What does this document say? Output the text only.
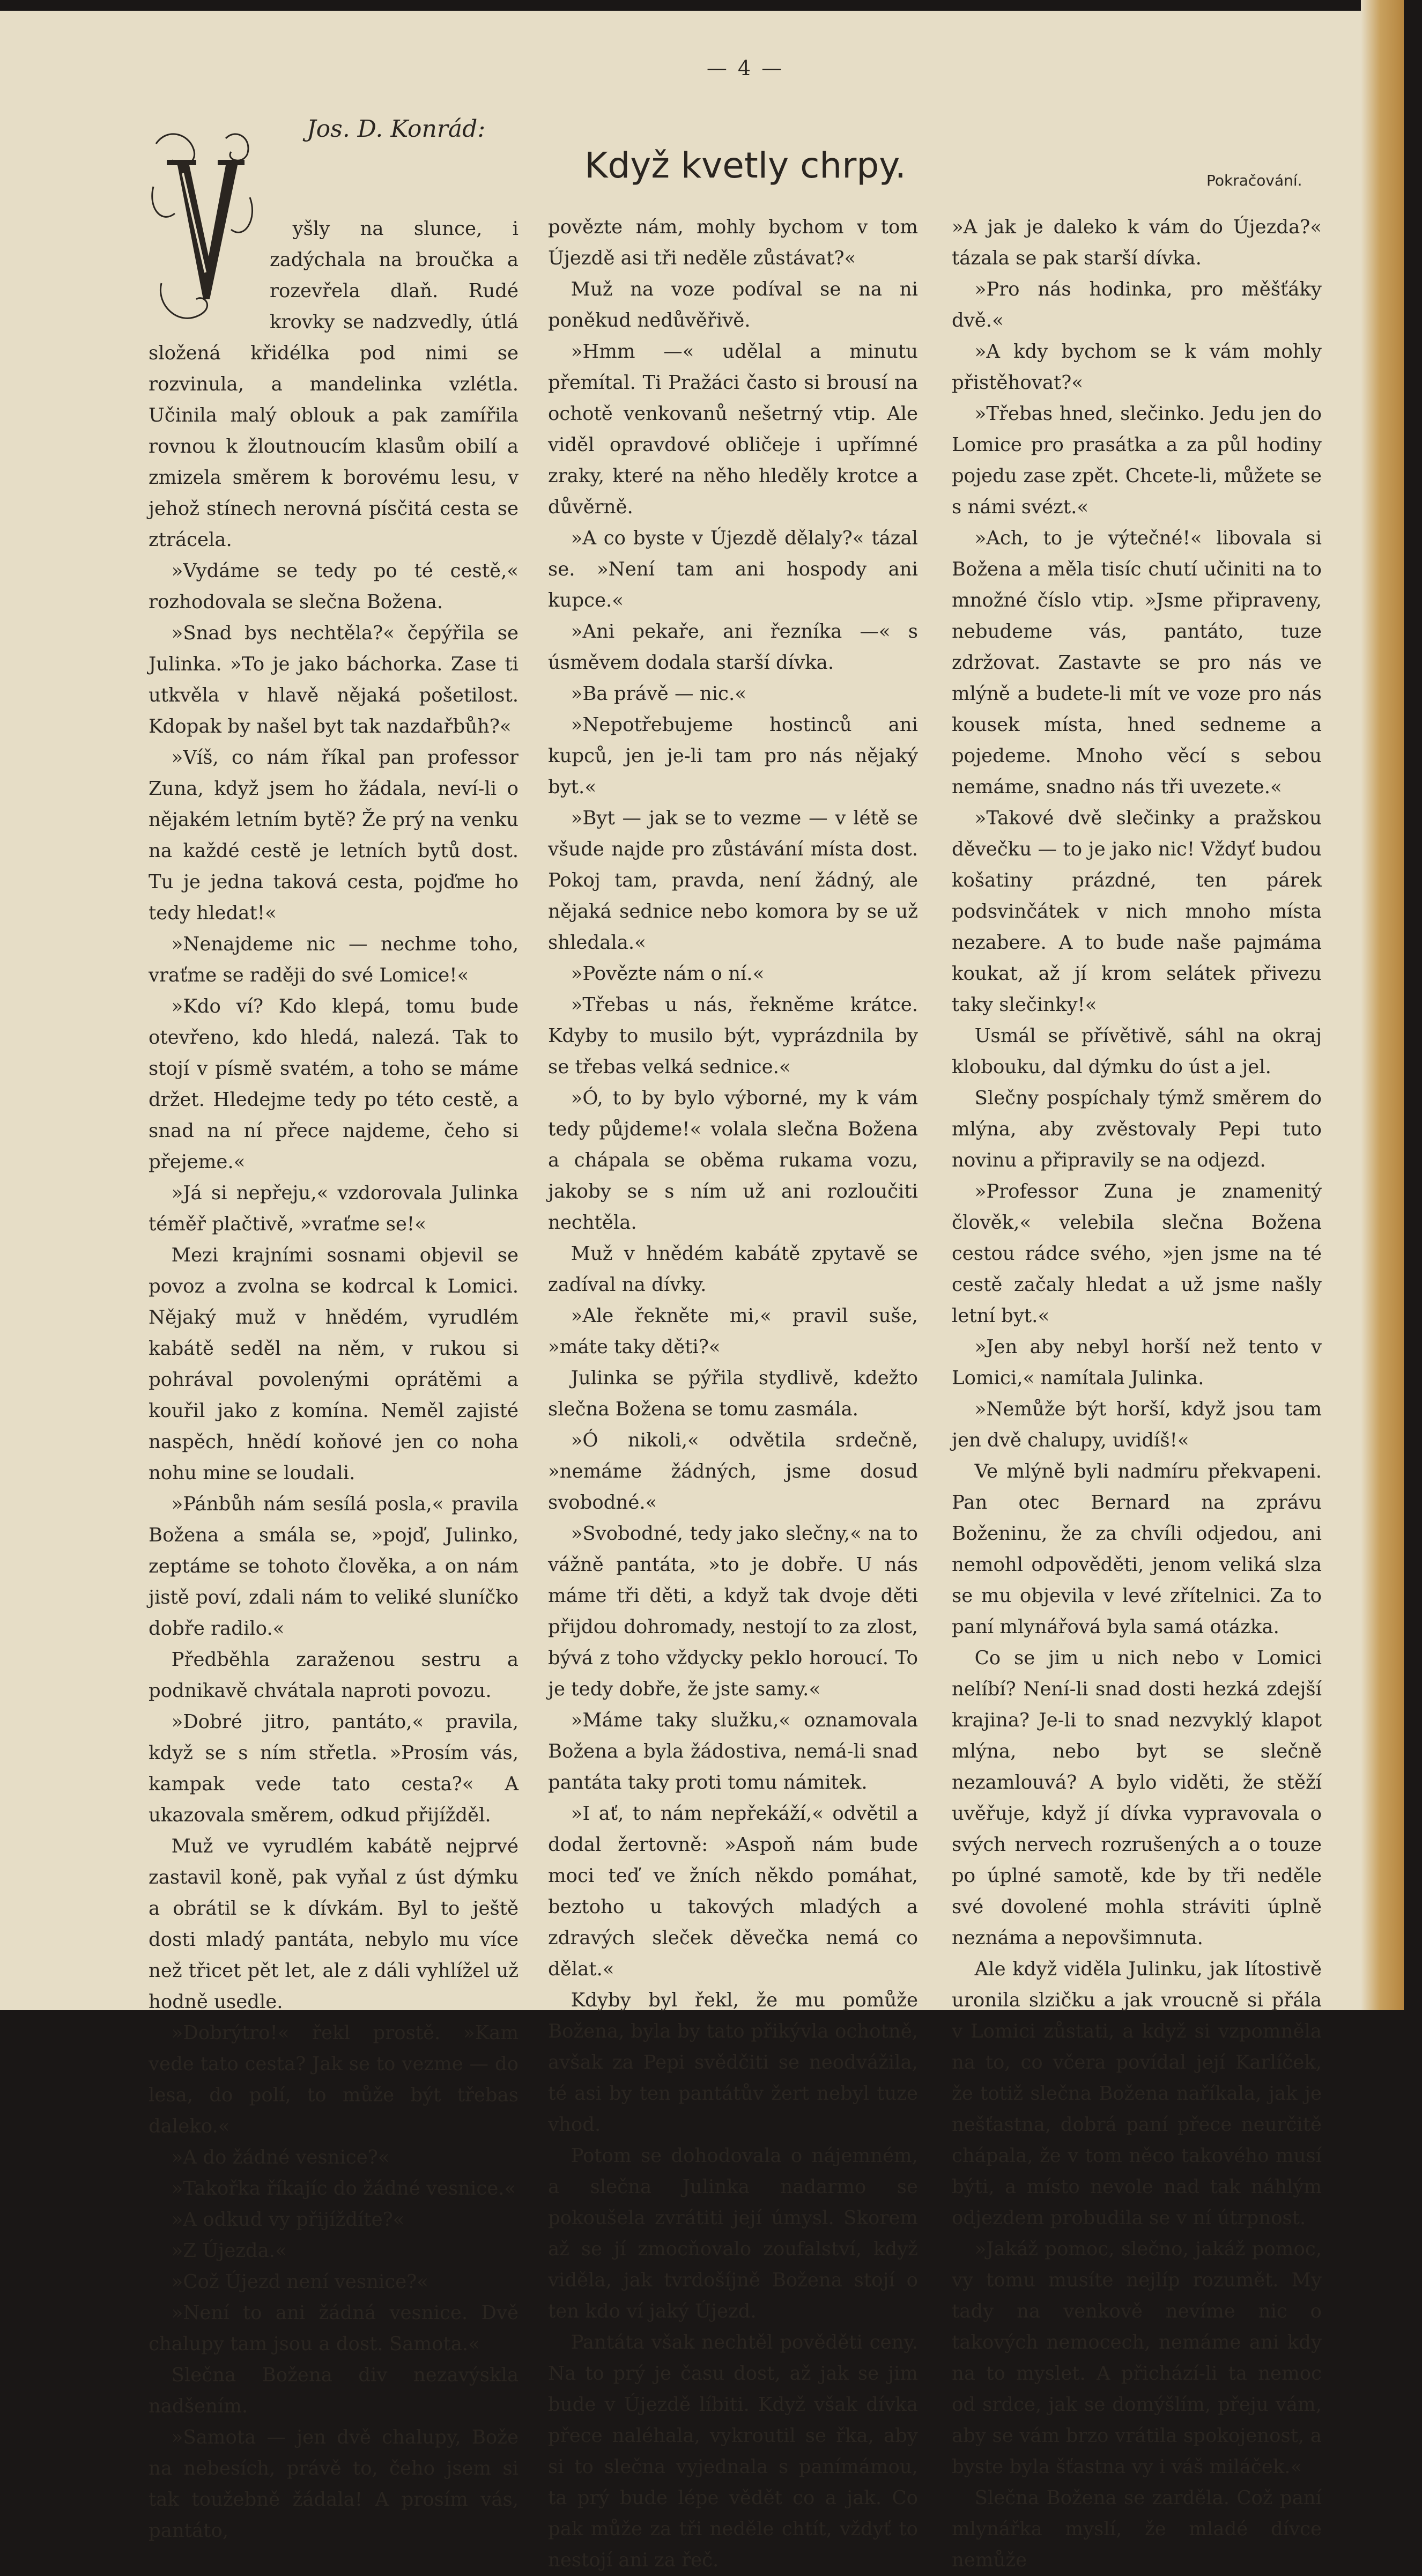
— 4 —
Jos. D. Konrád:
Když kvetly chrpy.	Pokračování.

yšly na slunce, i zadýchala na broučka a rozevřela dlaň. Rudé krovky se nadzvedly, útlá složená křidélka pod nimi se rozvinula, a mandelinka vzlétla. Učinila malý oblouk a pak zamířila rovnou k žloutnoucím klasům obilí a zmizela směrem k borovému lesu, v jehož stínech nerovná písčitá cesta se ztrácela.

»Vydáme se tedy po té cestě,« rozhodovala se slečna Božena.

»Snad bys nechtěla?« čepýřila se Julinka. »To je jako báchorka. Zase ti utkvěla v hlavě nějaká pošetilost. Kdopak by našel byt tak nazdařbůh?«

»Víš, co nám říkal pan professor Zuna, když jsem ho žádala, neví-li o nějakém letním bytě? Že prý na venku na každé cestě je letních bytů dost. Tu je jedna taková cesta, pojďme ho tedy hledat!«

»Nenajdeme nic — nechme toho, vraťme se raději do své Lomice!«

»Kdo ví? Kdo klepá, tomu bude otevřeno, kdo hledá, nalezá. Tak to stojí v písmě svatém, a toho se máme držet. Hledejme tedy po této cestě, a snad na ní přece najdeme, čeho si přejeme.«

»Já si nepřeju,« vzdorovala Julinka téměř plačtivě, »vraťme se!«

Mezi krajními sosnami objevil se povoz a zvolna se kodrcal k Lomici. Nějaký muž v hnědém, vyrudlém kabátě seděl na něm, v rukou si pohrával povolenými oprátěmi a kouřil jako z komína. Neměl zajisté naspěch, hnědí koňové jen co noha nohu mine se loudali.

»Pánbůh nám sesílá posla,« pravila Božena a smála se, »pojď, Julinko, zeptáme se tohoto člověka, a on nám jistě poví, zdali nám to veliké sluníčko dobře radilo.«

Předběhla zaraženou sestru a podnikavě chvátala naproti povozu.

»Dobré jitro, pantáto,« pravila, když se s ním střetla. »Prosím vás, kampak vede tato cesta?« A ukazovala směrem, odkud přijížděl.

Muž ve vyrudlém kabátě nejprvé zastavil koně, pak vyňal z úst dýmku a obrátil se k dívkám. Byl to ještě dosti mladý pantáta, nebylo mu více než třicet pět let, ale z dáli vyhlížel už hodně usedle.

»Dobrýtro!« řekl prostě. »Kam vede tato cesta? Jak se to vezme — do lesa, do polí, to může být třebas daleko.«

»A do žádné vesnice?«

»Takořka říkajíc do žádné vesnice.«

»A odkud vy přijíždíte?«

»Z Újezda.«

»Což Újezd není vesnice?«

»Není to ani žádná vesnice. Dvě chalupy tam jsou a dost. Samota.«

Slečna Božena div nezavýskla nadšením.

»Samota — jen dvě chalupy, Bože na nebesích, právě to, čeho jsem si tak toužebně žádala! A prosím vás, pantáto,

povězte nám, mohly bychom v tom Újezdě asi tři neděle zůstávat?«

Muž na voze podíval se na ni poněkud nedůvěřivě.

»Hmm —« udělal a minutu přemítal. Ti Pražáci často si brousí na ochotě venkovanů nešetrný vtip. Ale viděl opravdové obličeje i upřímné zraky, které na něho hleděly krotce a důvěrně.

»A co byste v Újezdě dělaly?« tázal se. »Není tam ani hospody ani kupce.«

»Ani pekaře, ani řezníka —« s úsměvem dodala starší dívka.

»Ba právě — nic.«

»Nepotřebujeme hostinců ani kupců, jen je-li tam pro nás nějaký byt.«

»Byt — jak se to vezme — v létě se všude najde pro zůstávání místa dost. Pokoj tam, pravda, není žádný, ale nějaká sednice nebo komora by se už shledala.«

»Povězte nám o ní.«

»Třebas u nás, řekněme krátce. Kdyby to musilo být, vyprázdnila by se třebas velká sednice.«

»Ó, to by bylo výborné, my k vám tedy půjdeme!« volala slečna Božena a chápala se oběma rukama vozu, jakoby se s ním už ani rozloučiti nechtěla.

Muž v hnědém kabátě zpytavě se zadíval na dívky.

»Ale řekněte mi,« pravil suše, »máte taky děti?«

Julinka se pýřila stydlivě, kdežto slečna Božena se tomu zasmála.

»Ó nikoli,« odvětila srdečně, »nemáme žádných, jsme dosud svobodné.«

»Svobodné, tedy jako slečny,« na to vážně pantáta, »to je dobře. U nás máme tři děti, a když tak dvoje děti přijdou dohromady, nestojí to za zlost, bývá z toho vždycky peklo horoucí. To je tedy dobře, že jste samy.«

»Máme taky služku,« oznamovala Božena a byla žádostiva, nemá-li snad pantáta taky proti tomu námitek.

»I ať, to nám nepřekáží,« odvětil a dodal žertovně: »Aspoň nám bude moci teď ve žních někdo pomáhat, beztoho u takových mladých a zdravých sleček děvečka nemá co dělat.«

Kdyby byl řekl, že mu pomůže Božena, byla by tato přikývla ochotně, avšak za Pepi svědčiti se neodvážila, té asi by ten pantátův žert nebyl tuze vhod.

Potom se dohodovala o nájemném, a slečna Julinka nadarmo se pokoušela zvrátiti její úmysl. Skorem až se jí zmocňovalo zoufalství, když viděla, jak tvrdošíjně Božena stojí o ten kdo ví jaký Újezd.

Pantáta však nechtěl pověděti ceny. Na to prý je času dost, až jak se jim bude v Újezdě líbiti. Když však dívka přece naléhala, vykroutil se řka, aby si to slečna vyjednala s panímámou, ta prý bude lépe vědět co a jak. Co pak může za tři neděle chtít, vždyť to nestojí ani za řeč.

»A jak je daleko k vám do Újezda?« tázala se pak starší dívka.

»Pro nás hodinka, pro měšťáky dvě.«

»A kdy bychom se k vám mohly přistěhovat?«

»Třebas hned, slečinko. Jedu jen do Lomice pro prasátka a za půl hodiny pojedu zase zpět. Chcete-li, můžete se s námi svézt.«

»Ach, to je výtečné!« libovala si Božena a měla tisíc chutí učiniti na to množné číslo vtip. »Jsme připraveny, nebudeme vás, pantáto, tuze zdržovat. Zastavte se pro nás ve mlýně a budete-li mít ve voze pro nás kousek místa, hned sedneme a pojedeme. Mnoho věcí s sebou nemáme, snadno nás tři uvezete.«

»Takové dvě slečinky a pražskou děvečku — to je jako nic! Vždyť budou košatiny prázdné, ten párek podsvinčátek v nich mnoho místa nezabere. A to bude naše pajmáma koukat, až jí krom selátek přivezu taky slečinky!«

Usmál se přívětivě, sáhl na okraj klobouku, dal dýmku do úst a jel.

Slečny pospíchaly týmž směrem do mlýna, aby zvěstovaly Pepi tuto novinu a připravily se na odjezd.

»Professor Zuna je znamenitý člověk,« velebila slečna Božena cestou rádce svého, »jen jsme na té cestě začaly hledat a už jsme našly letní byt.«

»Jen aby nebyl horší než tento v Lomici,« namítala Julinka.

»Nemůže být horší, když jsou tam jen dvě chalupy, uvidíš!«

Ve mlýně byli nadmíru překvapeni. Pan otec Bernard na zprávu Boženinu, že za chvíli odjedou, ani nemohl odpověděti, jenom veliká slza se mu objevila v levé zřítelnici. Za to paní mlynářová byla samá otázka.

Co se jim u nich nebo v Lomici nelíbí? Není-li snad dosti hezká zdejší krajina? Je-li to snad nezvyklý klapot mlýna, nebo byt se slečně nezamlouvá? A bylo viděti, že stěží uvěřuje, když jí dívka vypravovala o svých nervech rozrušených a o touze po úplné samotě, kde by tři neděle své dovolené mohla stráviti úplně neznáma a nepovšimnuta.

Ale když viděla Julinku, jak lítostivě uronila slzičku a jak vroucně si přála v Lomici zůstati, a když si vzpomněla na to, co včera povídal její Karlíček, že totiž slečna Božena naříkala, jak je nešťastna, dobrá paní přece neurčitě chápala, že v tom něco takového musí býti, a místo nevole nad tak náhlým odjezdem probudila se v ní útrpnost.

»Jakáž pomoc, slečno, jakáž pomoc, vy tomu musíte nejlíp rozumět. My tady na venkově nevíme nic o takových nemocech, nemáme ani kdy na to myslet. A přichází-li ta nemoc od srdce, jak se domýšlím, přeju vám, aby se vám brzo vrátila spokojenost, a byste byla šťastna vy i váš miláček.«

Slečna Božena se zardělа. Což paní mlynářka myslí, že mladé dívce nemůže
